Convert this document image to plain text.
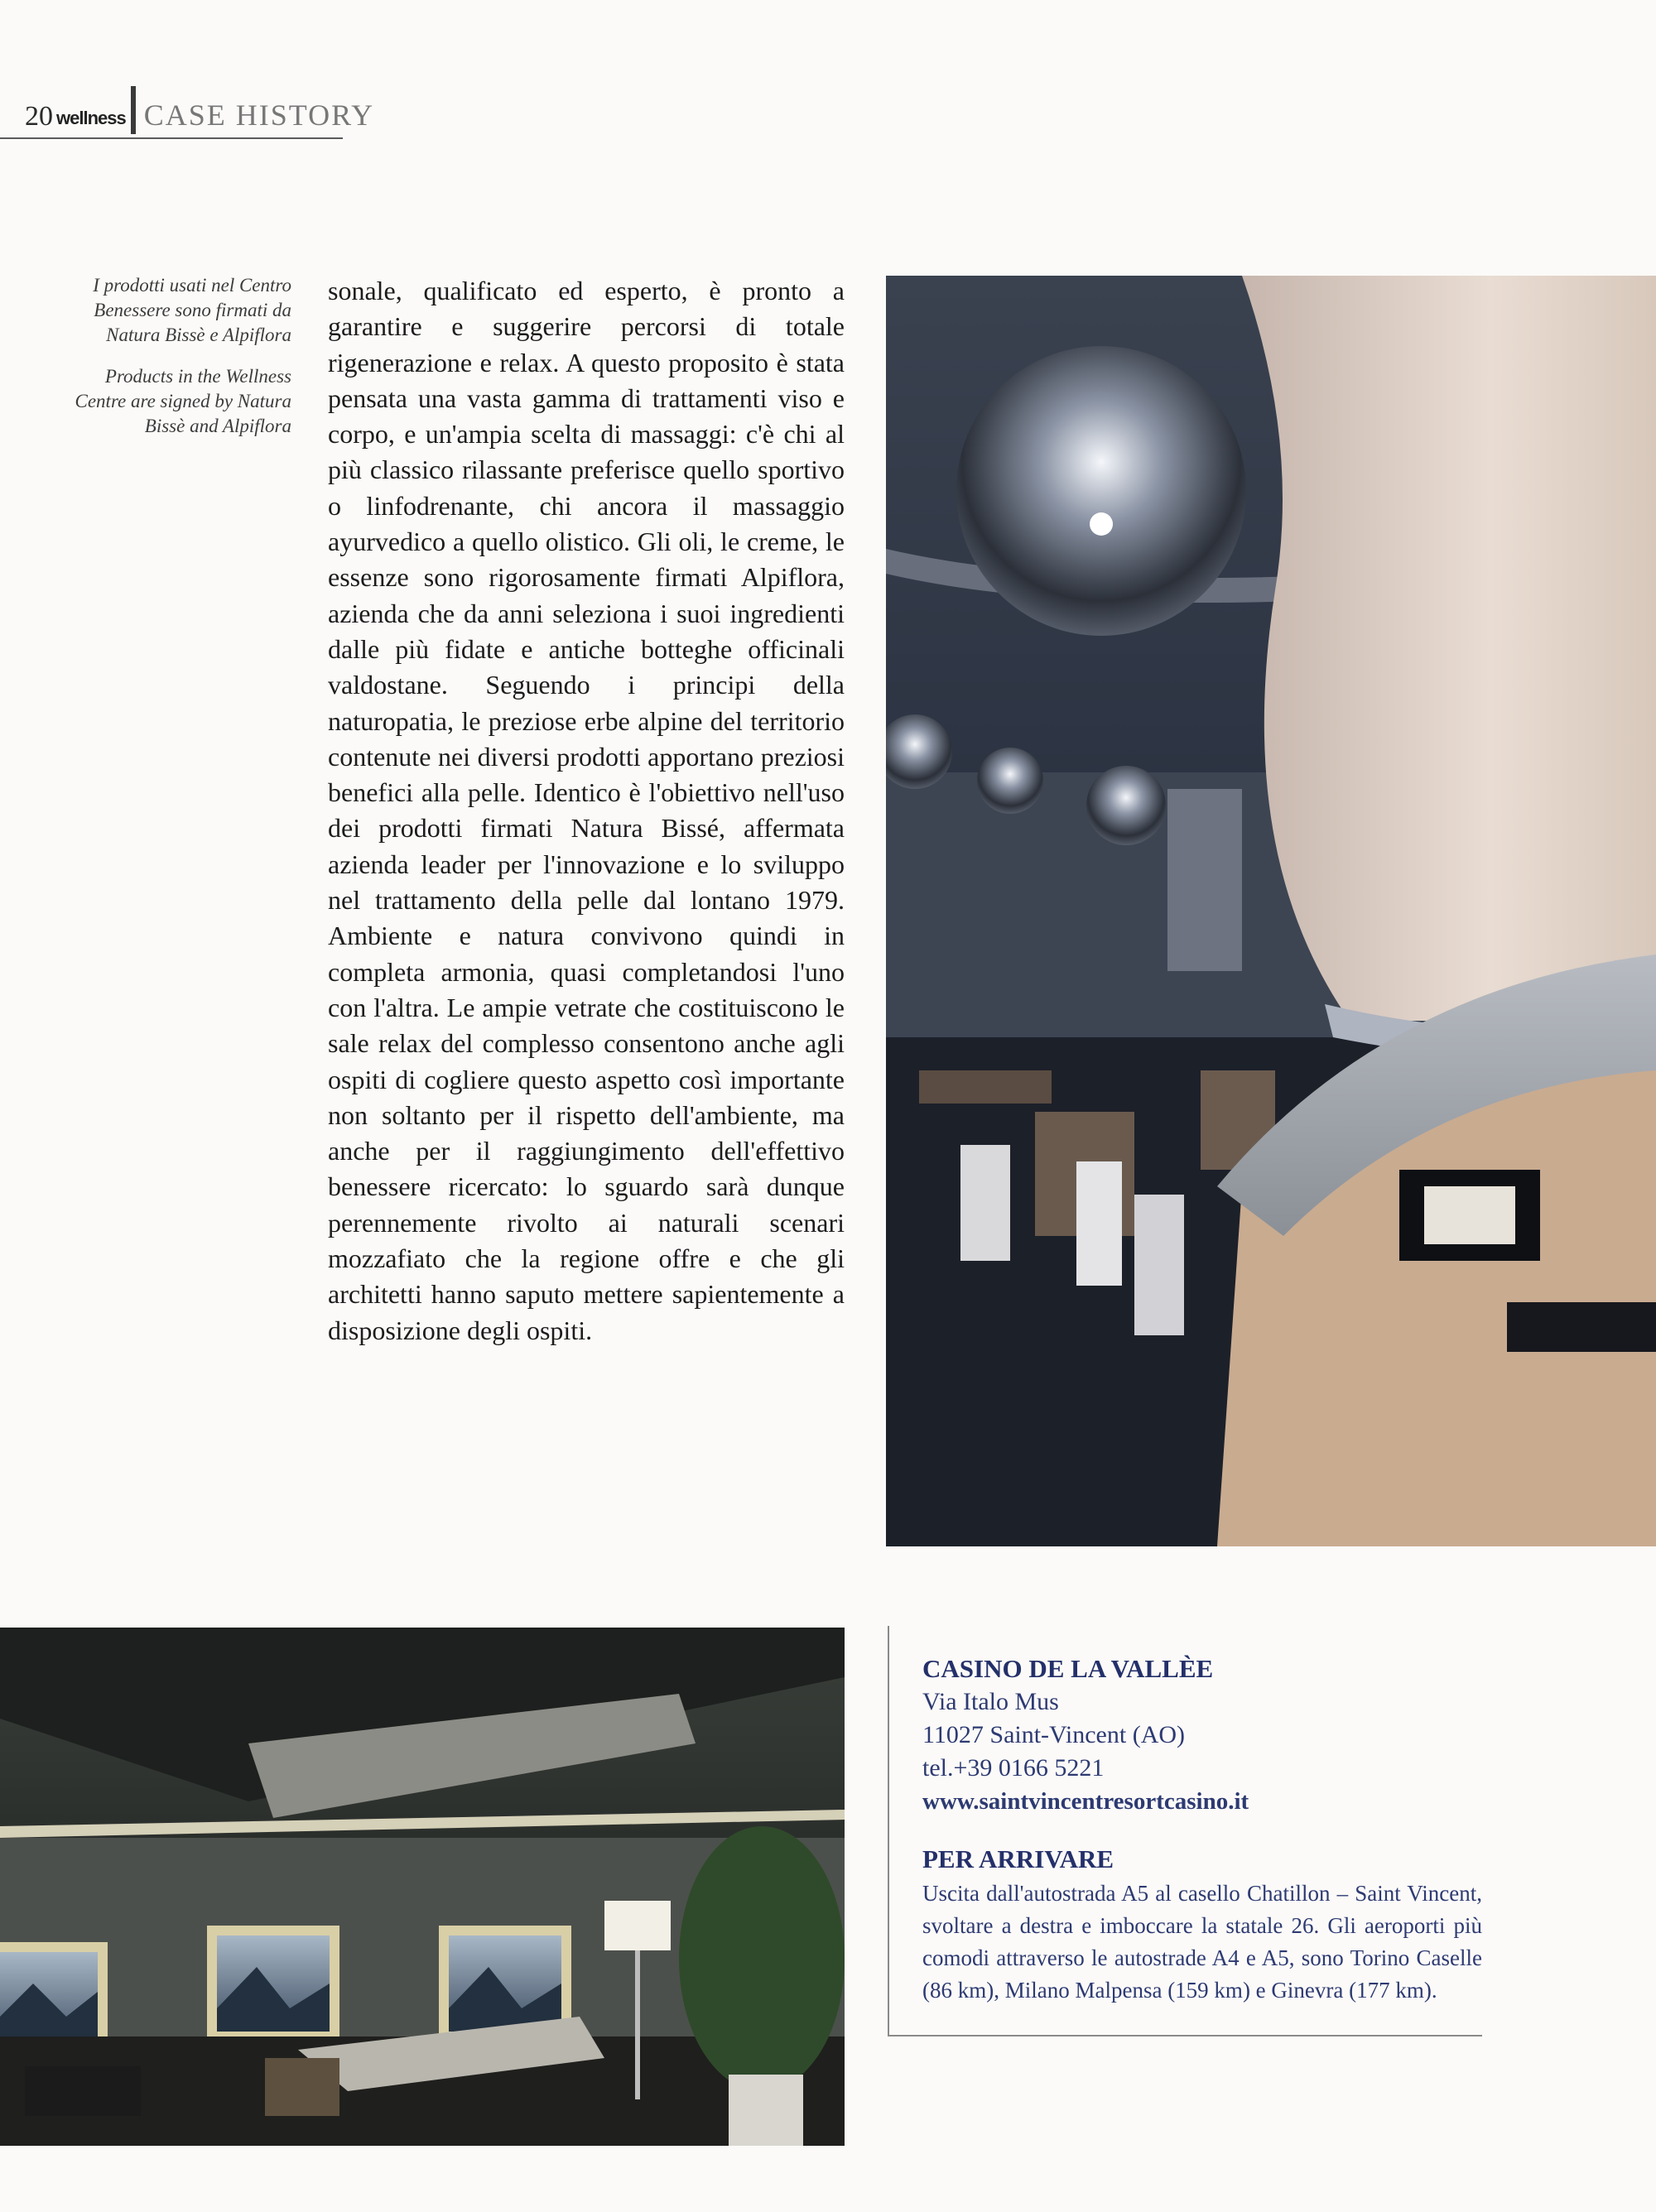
20 wellness CASE HISTORY

I prodotti usati nel Centro Benessere sono firmati da Natura Bissè e Alpiflora

Products in the Wellness Centre are signed by Natura Bissè and Alpiflora

sonale, qualificato ed esperto, è pronto a garantire e suggerire percorsi di totale rigenerazione e relax. A questo proposito è stata pensata una vasta gamma di trattamenti viso e corpo, e un'ampia scelta di massaggi: c'è chi al più classico rilassante preferisce quello sportivo o linfodrenante, chi ancora il massaggio ayurvedico a quello olistico. Gli oli, le creme, le essenze sono rigorosamente firmati Alpiflora, azienda che da anni seleziona i suoi ingredienti dalle più fidate e antiche botteghe officinali valdostane. Seguendo i principi della naturopatia, le preziose erbe alpine del territorio contenute nei diversi prodotti apportano preziosi benefici alla pelle. Identico è l'obiettivo nell'uso dei prodotti firmati Natura Bissé, affermata azienda leader per l'innovazione e lo sviluppo nel trattamento della pelle dal lontano 1979. Ambiente e natura convivono quindi in completa armonia, quasi completandosi l'uno con l'altra. Le ampie vetrate che costituiscono le sale relax del complesso consentono anche agli ospiti di cogliere questo aspetto così importante non soltanto per il rispetto dell'ambiente, ma anche per il raggiungimento dell'effettivo benessere ricercato: lo sguardo sarà dunque perennemente rivolto ai naturali scenari mozzafiato che la regione offre e che gli architetti hanno saputo mettere sapientemente a disposizione degli ospiti.

CASINO DE LA VALLÈE
Via Italo Mus
11027 Saint-Vincent (AO)
tel.+39 0166 5221
www.saintvincentresortcasino.it
PER ARRIVARE
Uscita dall'autostrada A5 al casello Chatillon – Saint Vincent, svoltare a destra e imboccare la statale 26. Gli aeroporti più comodi attraverso le autostrade A4 e A5, sono Torino Caselle (86 km), Milano Malpensa (159 km) e Ginevra (177 km).
